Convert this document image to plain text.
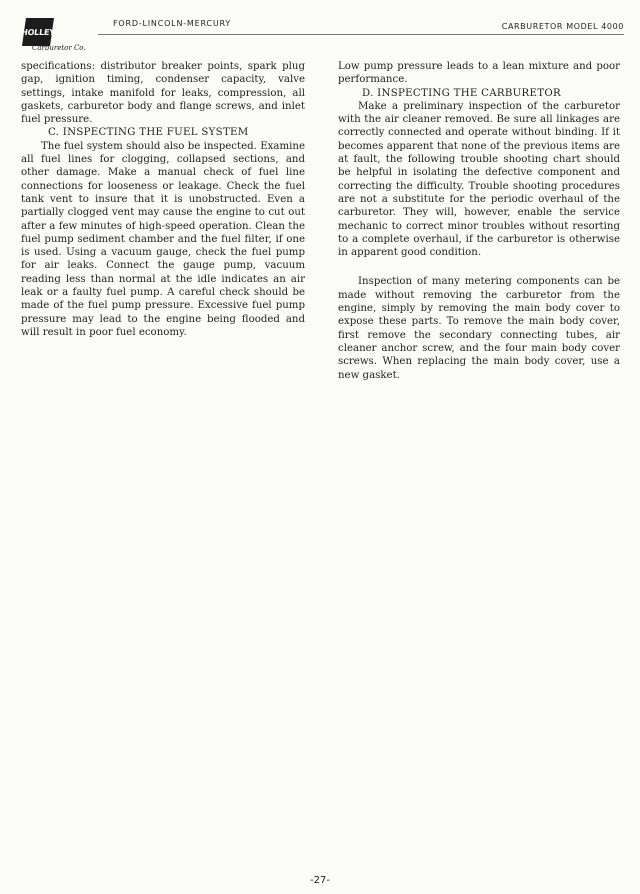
HOLLEY
Carburetor Co.
FORD-LINCOLN-MERCURY	CARBURETOR MODEL 4000

specifications: distributor breaker points, spark plug gap, ignition timing, condenser capacity, valve settings, intake manifold for leaks, compression, all gaskets, carburetor body and flange screws, and inlet fuel pressure.

C. INSPECTING THE FUEL SYSTEM

The fuel system should also be inspected. Examine all fuel lines for clogging, collapsed sections, and other damage. Make a manual check of fuel line connections for looseness or leakage. Check the fuel tank vent to insure that it is unobstructed. Even a partially clogged vent may cause the engine to cut out after a few minutes of high-speed operation. Clean the fuel pump sediment chamber and the fuel filter, if one is used. Using a vacuum gauge, check the fuel pump for air leaks. Connect the gauge pump, vacuum reading less than normal at the idle indicates an air leak or a faulty fuel pump. A careful check should be made of the fuel pump pressure. Excessive fuel pump pressure may lead to the engine being flooded and will result in poor fuel economy.

Low pump pressure leads to a lean mixture and poor performance.

D. INSPECTING THE CARBURETOR

Make a preliminary inspection of the carburetor with the air cleaner removed. Be sure all linkages are correctly connected and operate without binding. If it becomes apparent that none of the previous items are at fault, the following trouble shooting chart should be helpful in isolating the defective component and correcting the difficulty. Trouble shooting procedures are not a substitute for the periodic overhaul of the carburetor. They will, however, enable the service mechanic to correct minor troubles without resorting to a complete overhaul, if the carburetor is otherwise in apparent good condition.

Inspection of many metering components can be made without removing the carburetor from the engine, simply by removing the main body cover to expose these parts. To remove the main body cover, first remove the secondary connecting tubes, air cleaner anchor screw, and the four main body cover screws. When replacing the main body cover, use a new gasket.

-27-
